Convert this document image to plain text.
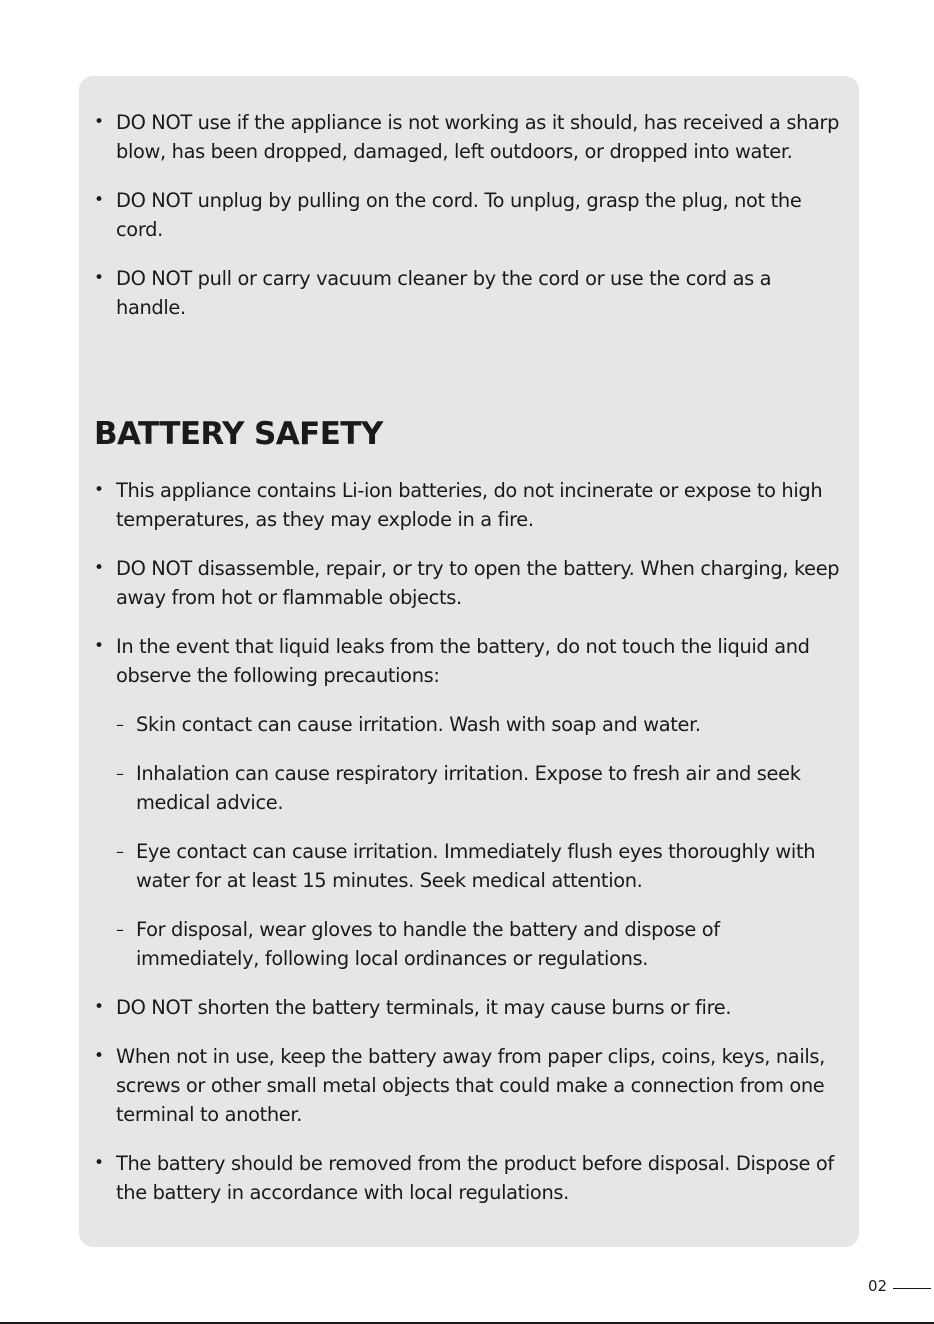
• DO NOT use if the appliance is not working as it should, has received a sharp blow, has been dropped, damaged, left outdoors, or dropped into water.
• DO NOT unplug by pulling on the cord. To unplug, grasp the plug, not the cord.
• DO NOT pull or carry vacuum cleaner by the cord or use the cord as a handle.
BATTERY SAFETY
• This appliance contains Li-ion batteries, do not incinerate or expose to high temperatures, as they may explode in a fire.
• DO NOT disassemble, repair, or try to open the battery. When charging, keep away from hot or flammable objects.
• In the event that liquid leaks from the battery, do not touch the liquid and observe the following precautions:
– Skin contact can cause irritation. Wash with soap and water.
– Inhalation can cause respiratory irritation. Expose to fresh air and seek medical advice.
– Eye contact can cause irritation. Immediately flush eyes thoroughly with water for at least 15 minutes. Seek medical attention.
– For disposal, wear gloves to handle the battery and dispose of immediately, following local ordinances or regulations.
• DO NOT shorten the battery terminals, it may cause burns or fire.
• When not in use, keep the battery away from paper clips, coins, keys, nails, screws or other small metal objects that could make a connection from one terminal to another.
• The battery should be removed from the product before disposal. Dispose of the battery in accordance with local regulations.
02
